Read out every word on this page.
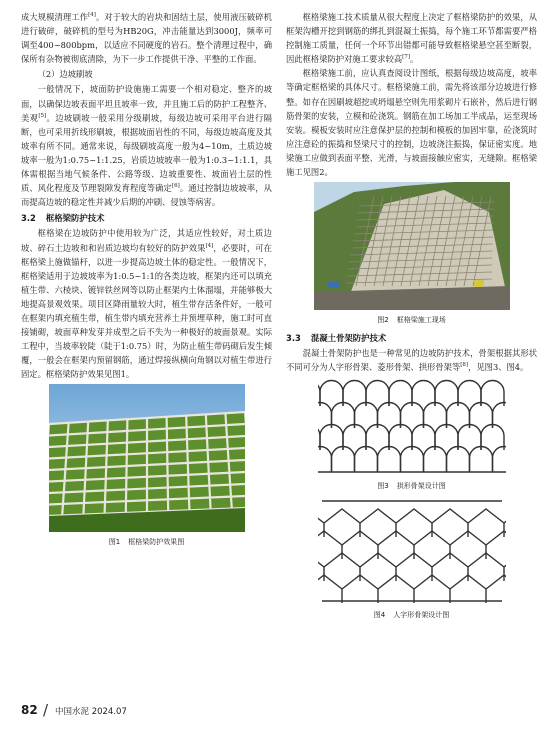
成大规模清理工作[4]。对于较大的岩块和固结土层，使用液压破碎机进行破碎，破碎机的型号为HB20G，冲击能量达到3000J，频率可调至400~800bpm，以适应不同硬度的岩石。整个清理过程中，确保所有杂物被彻底清除，为下一步工作提供干净、平整的工作面。

（2）边坡刷坡

一般情况下，坡面防护设施施工需要一个相对稳定、整齐的坡面，以确保边坡表面平坦且坡率一致，并且施工后的防护工程整齐、美观[5]。边坡刷坡一般采用分级刷坡，每级边坡可采用平台进行隔断，也可采用折线形刷坡，根据坡面岩性的不同，每级边坡高度及其坡率有所不同。通常来说，每级刷坡高度一般为4~10m，土质边坡坡率一般为1:0.75~1:1.25，岩质边坡坡率一般为1:0.3~1:1.1，具体需根据当地气候条件、公路等级、边坡重要性、坡面岩土层的性质、风化程度及节理裂隙发育程度等确定[6]。通过控制边坡坡率，从而提高边坡的稳定性并减少后期的冲刷、侵蚀等病害。

3.2 框格梁防护技术

框格梁在边坡防护中使用较为广泛，其适应性较好，对土质边坡、碎石土边坡和和岩质边坡均有较好的防护效果[4]，必要时，可在框格梁上施做锚杆，以进一步提高边坡土体的稳定性。一般情况下，框格梁适用于边坡坡率为1:0.5~1:1的各类边坡，框架内还可以填充植生带、六棱块、镀锌铁丝网等以防止框架内土体溜塌，并能够极大地提高景观效果。项目区降雨量较大时，植生带存活条件好，一般可在框架内填充植生带，植生带内填充营养土并预埋草种，施工时可直接铺砌，坡面草种发芽并成型之后不失为一种极好的坡面景观。实际工程中，当坡率较陡（陡于1:0.75）时，为防止植生带码砌后发生倾覆，一般会在框架内预留钢筋，通过焊接纵横向角钢以对植生带进行固定。框格梁防护效果见图1。

图1 框格梁防护效果图

框格梁施工技术质量从很大程度上决定了框格梁防护的效果，从框架沟槽开挖到钢筋的绑扎到混凝土振捣，每个施工环节都需要严格控制施工质量，任何一个环节出错都可能导致框格梁悬空甚至断裂，因此框格梁防护对施工要求较高[7]。

框格梁施工前，应认真查阅设计图纸，根据每级边坡高度，坡率等确定框格梁的具体尺寸。框格梁施工前，需先将该部分边坡进行修整。如存在因刷坡超挖或坍塌悬空则先用浆砌片石嵌补，然后进行钢筋骨架的安装，立模和砼浇筑。钢筋在加工场加工半成品，运至现场安装。模板安装时应注意保护层的控制和模板的加固牢靠，砼浇筑时应注意砼的振捣和竖梁尺寸的控制，边坡浇注振捣，保证密实度。地梁施工应做到表面平整、光滑，与坡面接触应密实，无缝隙。框格梁施工见图2。

图2 框格梁施工现场
3.3 混凝土骨架防护技术

混凝土骨架防护也是一种常见的边坡防护技术，骨架根据其形状不同可分为人字形骨架、菱形骨架、拱形骨架等[8]，见图3、图4。

图3 拱形骨架设计图
图4 人字形骨架设计图
82 / 中国水泥 2024.07
